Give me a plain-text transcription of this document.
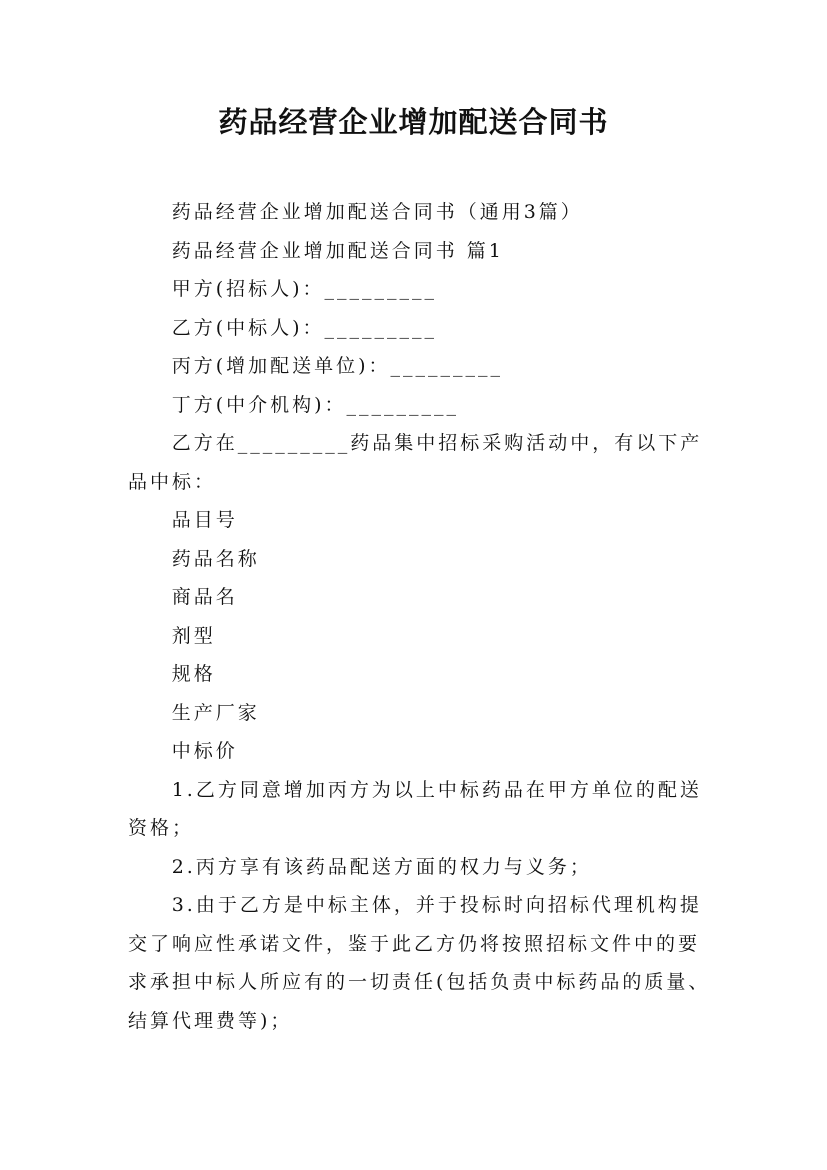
药品经营企业增加配送合同书

药品经营企业增加配送合同书（通用3篇）

药品经营企业增加配送合同书 篇1

甲方(招标人)：_________

乙方(中标人)：_________

丙方(增加配送单位)：_________

丁方(中介机构)：_________

乙方在_________药品集中招标采购活动中，有以下产品中标：

品目号

药品名称

商品名

剂型

规格

生产厂家

中标价

1.乙方同意增加丙方为以上中标药品在甲方单位的配送资格；

2.丙方享有该药品配送方面的权力与义务；

3.由于乙方是中标主体，并于投标时向招标代理机构提交了响应性承诺文件，鉴于此乙方仍将按照招标文件中的要求承担中标人所应有的一切责任(包括负责中标药品的质量、结算代理费等)；
